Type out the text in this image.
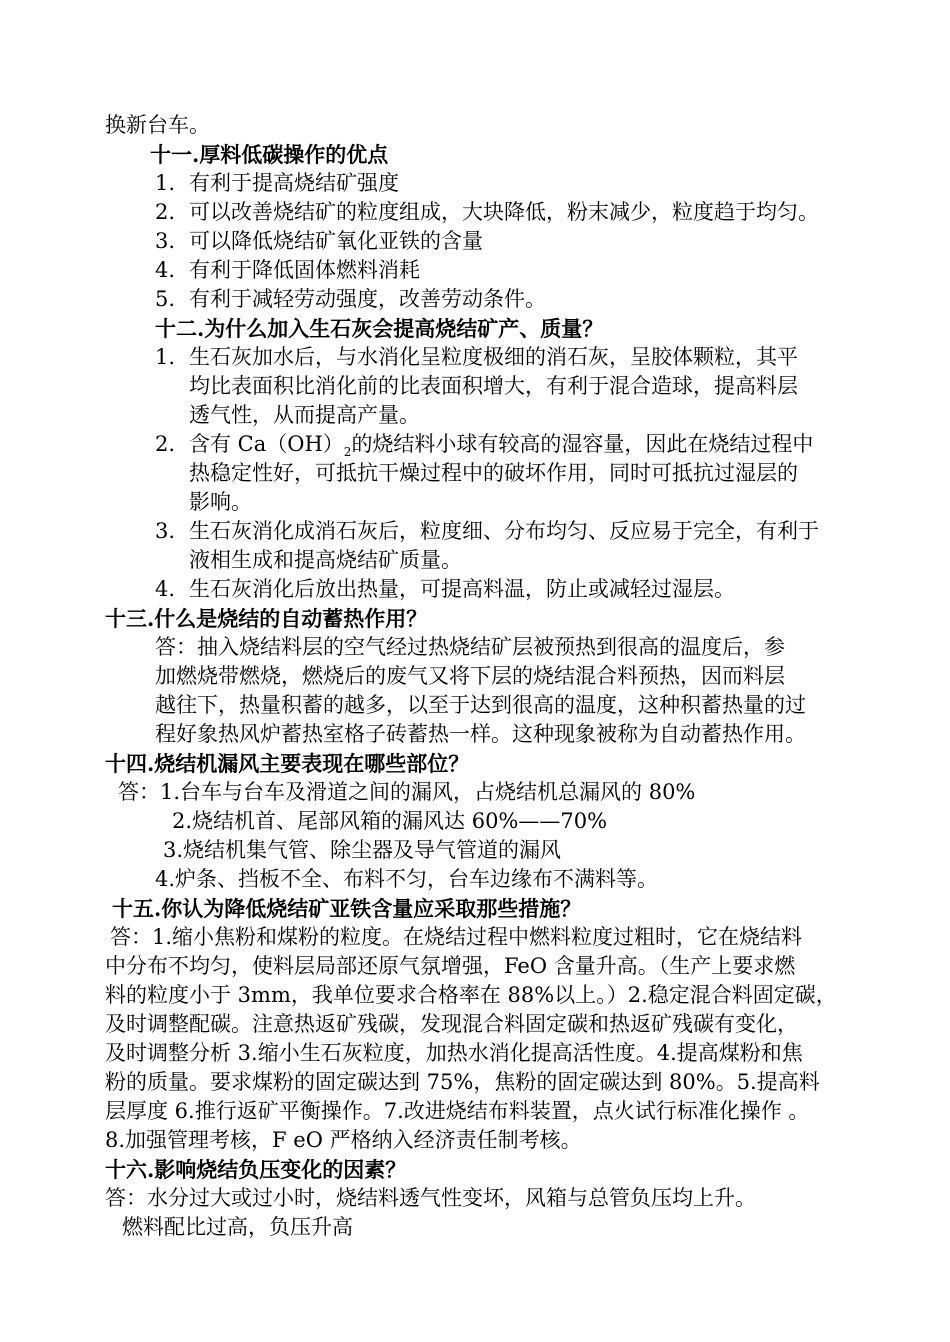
换新台车。
十一.厚料低碳操作的优点
1. 有利于提高烧结矿强度
2. 可以改善烧结矿的粒度组成，大块降低，粉末减少，粒度趋于均匀。
3. 可以降低烧结矿氧化亚铁的含量
4. 有利于降低固体燃料消耗
5. 有利于减轻劳动强度，改善劳动条件。
十二.为什么加入生石灰会提高烧结矿产、质量？
1. 生石灰加水后，与水消化呈粒度极细的消石灰，呈胶体颗粒，其平
均比表面积比消化前的比表面积增大，有利于混合造球，提高料层
透气性，从而提高产量。
2. 含有 $Ca(OH)_2$的烧结料小球有较高的湿容量，因此在烧结过程中
热稳定性好，可抵抗干燥过程中的破坏作用，同时可抵抗过湿层的
影响。
3. 生石灰消化成消石灰后，粒度细、分布均匀、反应易于完全，有利于
液相生成和提高烧结矿质量。
4. 生石灰消化后放出热量，可提高料温，防止或减轻过湿层。
十三.什么是烧结的自动蓄热作用？
答：抽入烧结料层的空气经过热烧结矿层被预热到很高的温度后，参
加燃烧带燃烧，燃烧后的废气又将下层的烧结混合料预热，因而料层
越往下，热量积蓄的越多，以至于达到很高的温度，这种积蓄热量的过
程好象热风炉蓄热室格子砖蓄热一样。这种现象被称为自动蓄热作用。
十四.烧结机漏风主要表现在哪些部位？
答：1.台车与台车及滑道之间的漏风，占烧结机总漏风的 80%
2.烧结机首、尾部风箱的漏风达 60%——70%
3.烧结机集气管、除尘器及导气管道的漏风
4.炉条、挡板不全、布料不匀，台车边缘布不满料等。
十五.你认为降低烧结矿亚铁含量应采取那些措施？
答：1.缩小焦粉和煤粉的粒度。在烧结过程中燃料粒度过粗时，它在烧结料
中分布不均匀，使料层局部还原气氛增强，FeO 含量升高。（生产上要求燃
料的粒度小于 3mm，我单位要求合格率在 88%以上。）2.稳定混合料固定碳，
及时调整配碳。注意热返矿残碳，发现混合料固定碳和热返矿残碳有变化，
及时调整分析 3.缩小生石灰粒度，加热水消化提高活性度。4.提高煤粉和焦
粉的质量。要求煤粉的固定碳达到 75%，焦粉的固定碳达到 80%。5.提高料
层厚度 6.推行返矿平衡操作。7.改进烧结布料装置，点火试行标准化操作 。
8.加强管理考核，F eO 严格纳入经济责任制考核。
十六.影响烧结负压变化的因素？
答：水分过大或过小时，烧结料透气性变坏，风箱与总管负压均上升。
燃料配比过高，负压升高
